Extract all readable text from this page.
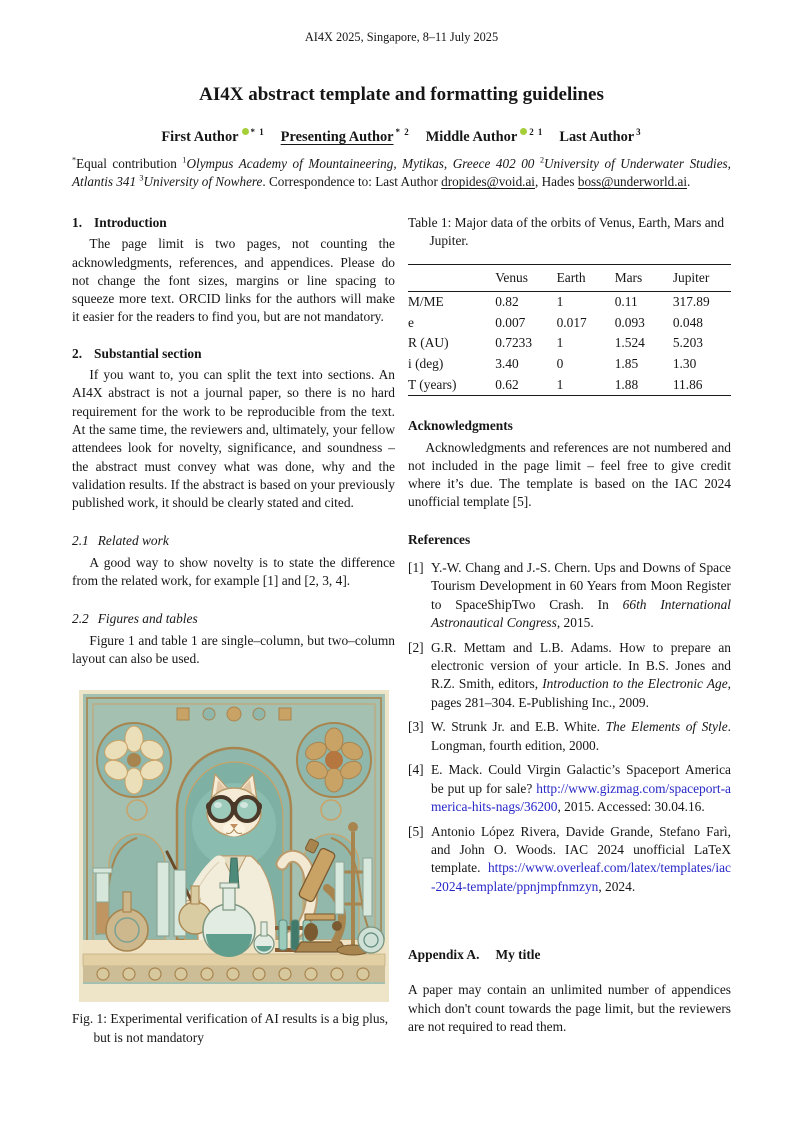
AI4X 2025, Singapore, 8–11 July 2025
AI4X abstract template and formatting guidelines
First Author $^{* 1}$ Presenting Author $^{* 2}$ Middle Author $^{2 1}$ Last Author $^3$
*Equal contribution $^1$Olympus Academy of Mountaineering, Mytikas, Greece 402 00 $^2$University of Underwater Studies, Atlantis 341 $^3$University of Nowhere. Correspondence to: Last Author dropides@void.ai, Hades boss@underworld.ai.
1. Introduction

The page limit is two pages, not counting the acknowledgments, references, and appendices. Please do not change the font sizes, margins or line spacing to squeeze more text. ORCID links for the authors will make it easier for the readers to find you, but are not mandatory.

2. Substantial section

If you want to, you can split the text into sections. An AI4X abstract is not a journal paper, so there is no hard requirement for the work to be reproducible from the text. At the same time, the reviewers and, ultimately, your fellow attendees look for novelty, significance, and soundness – the abstract must convey what was done, why and the validation results. If the abstract is based on your previously published work, it should be clearly stated and cited.

2.1 Related work

A good way to show novelty is to state the difference from the related work, for example [1] and [2, 3, 4].

2.2 Figures and tables

Figure 1 and table 1 are single–column, but two–column layout can also be used.

Fig. 1: Experimental verification of AI results is a big plus, but is not mandatory
Table 1: Major data of the orbits of Venus, Earth, Mars and Jupiter.
	Venus	Earth	Mars	Jupiter
M/ME	0.82	1	0.11	317.89
e	0.007	0.017	0.093	0.048
R (AU)	0.7233	1	1.524	5.203
i (deg)	3.40	0	1.85	1.30
T (years)	0.62	1	1.88	11.86
Acknowledgments

Acknowledgments and references are not numbered and not included in the page limit – feel free to give credit where it’s due. The template is based on the IAC 2024 unofficial template [5].

References
[1] Y.-W. Chang and J.-S. Chern. Ups and Downs of Space Tourism Development in 60 Years from Moon Register to SpaceShipTwo Crash. In 66th International Astronautical Congress, 2015.
[2] G.R. Mettam and L.B. Adams. How to prepare an electronic version of your article. In B.S. Jones and R.Z. Smith, editors, Introduction to the Electronic Age, pages 281–304. E-Publishing Inc., 2009.
[3] W. Strunk Jr. and E.B. White. The Elements of Style. Longman, fourth edition, 2000.
[4] E. Mack. Could Virgin Galactic’s Spaceport America be put up for sale? http://www.gizmag.com/spaceport-america-hits-nags/36200, 2015. Accessed: 30.04.16.
[5] Antonio López Rivera, Davide Grande, Stefano Farì, and John O. Woods. IAC 2024 unofficial LaTeX template. https://www.overleaf.com/latex/templates/iac-2024-template/ppnjmpfnmzyn, 2024.
Appendix A. My title

A paper may contain an unlimited number of appendices which don't count towards the page limit, but the reviewers are not required to read them.
